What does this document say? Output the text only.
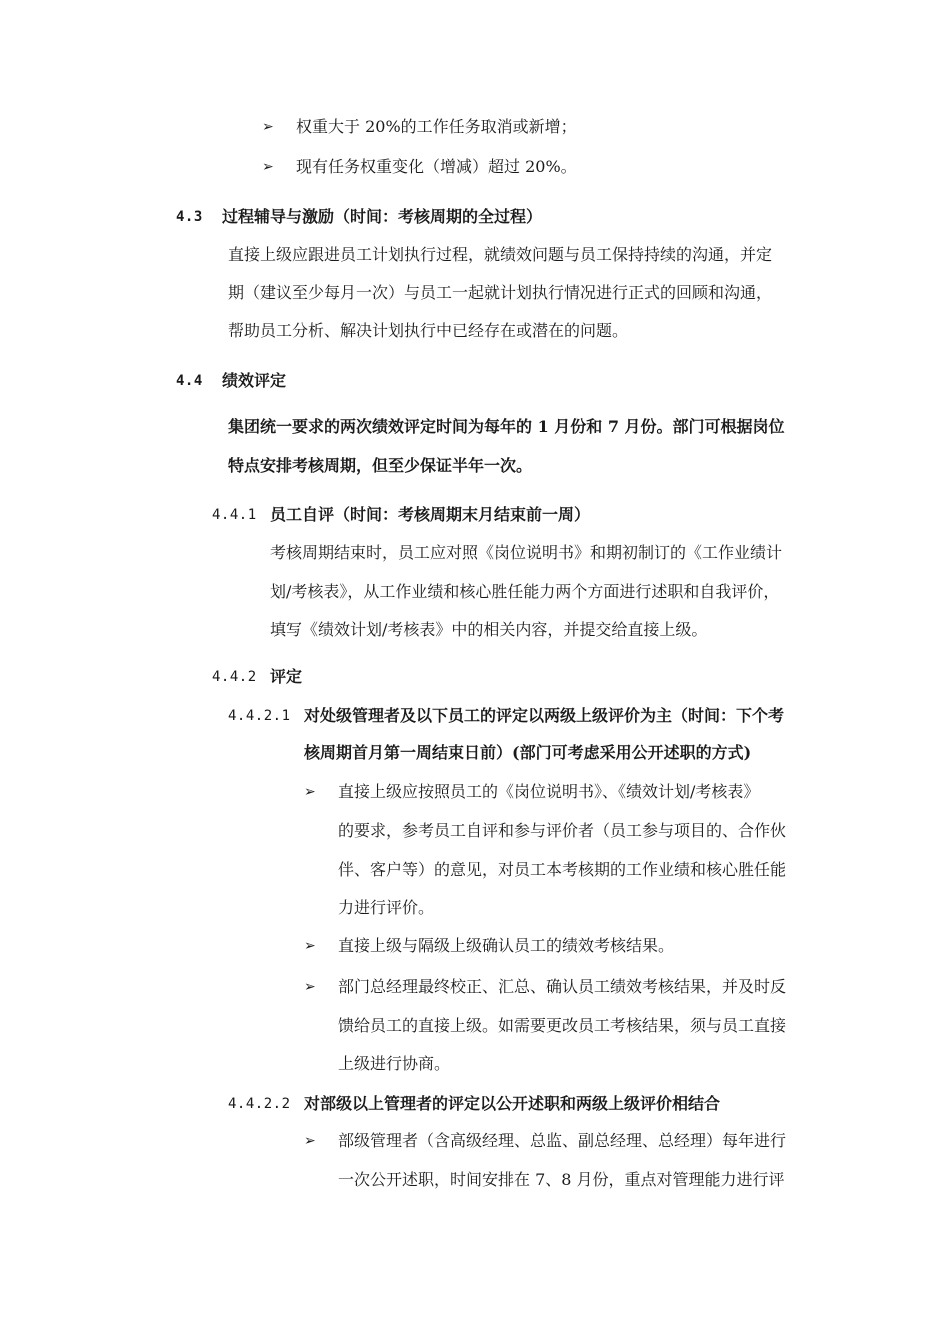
➢ 权重大于 20%的工作任务取消或新增；
➢ 现有任务权重变化（增减）超过 20%。
4.3 过程辅导与激励（时间：考核周期的全过程）
直接上级应跟进员工计划执行过程，就绩效问题与员工保持持续的沟通，并定
期（建议至少每月一次）与员工一起就计划执行情况进行正式的回顾和沟通，
帮助员工分析、解决计划执行中已经存在或潜在的问题。
4.4 绩效评定
集团统一要求的两次绩效评定时间为每年的 1 月份和 7 月份。部门可根据岗位
特点安排考核周期，但至少保证半年一次。
4.4.1 员工自评（时间：考核周期末月结束前一周）
考核周期结束时，员工应对照《岗位说明书》和期初制订的《工作业绩计
划/考核表》，从工作业绩和核心胜任能力两个方面进行述职和自我评价，
填写《绩效计划/考核表》中的相关内容，并提交给直接上级。
4.4.2 评定
4.4.2.1 对处级管理者及以下员工的评定以两级上级评价为主（时间：下个考
核周期首月第一周结束日前）(部门可考虑采用公开述职的方式)
➢ 直接上级应按照员工的《岗位说明书》、《绩效计划/考核表》
的要求，参考员工自评和参与评价者（员工参与项目的、合作伙
伴、客户等）的意见，对员工本考核期的工作业绩和核心胜任能
力进行评价。
➢ 直接上级与隔级上级确认员工的绩效考核结果。
➢ 部门总经理最终校正、汇总、确认员工绩效考核结果，并及时反
馈给员工的直接上级。如需要更改员工考核结果，须与员工直接
上级进行协商。
4.4.2.2 对部级以上管理者的评定以公开述职和两级上级评价相结合
➢ 部级管理者（含高级经理、总监、副总经理、总经理）每年进行
一次公开述职，时间安排在 7、8 月份，重点对管理能力进行评
